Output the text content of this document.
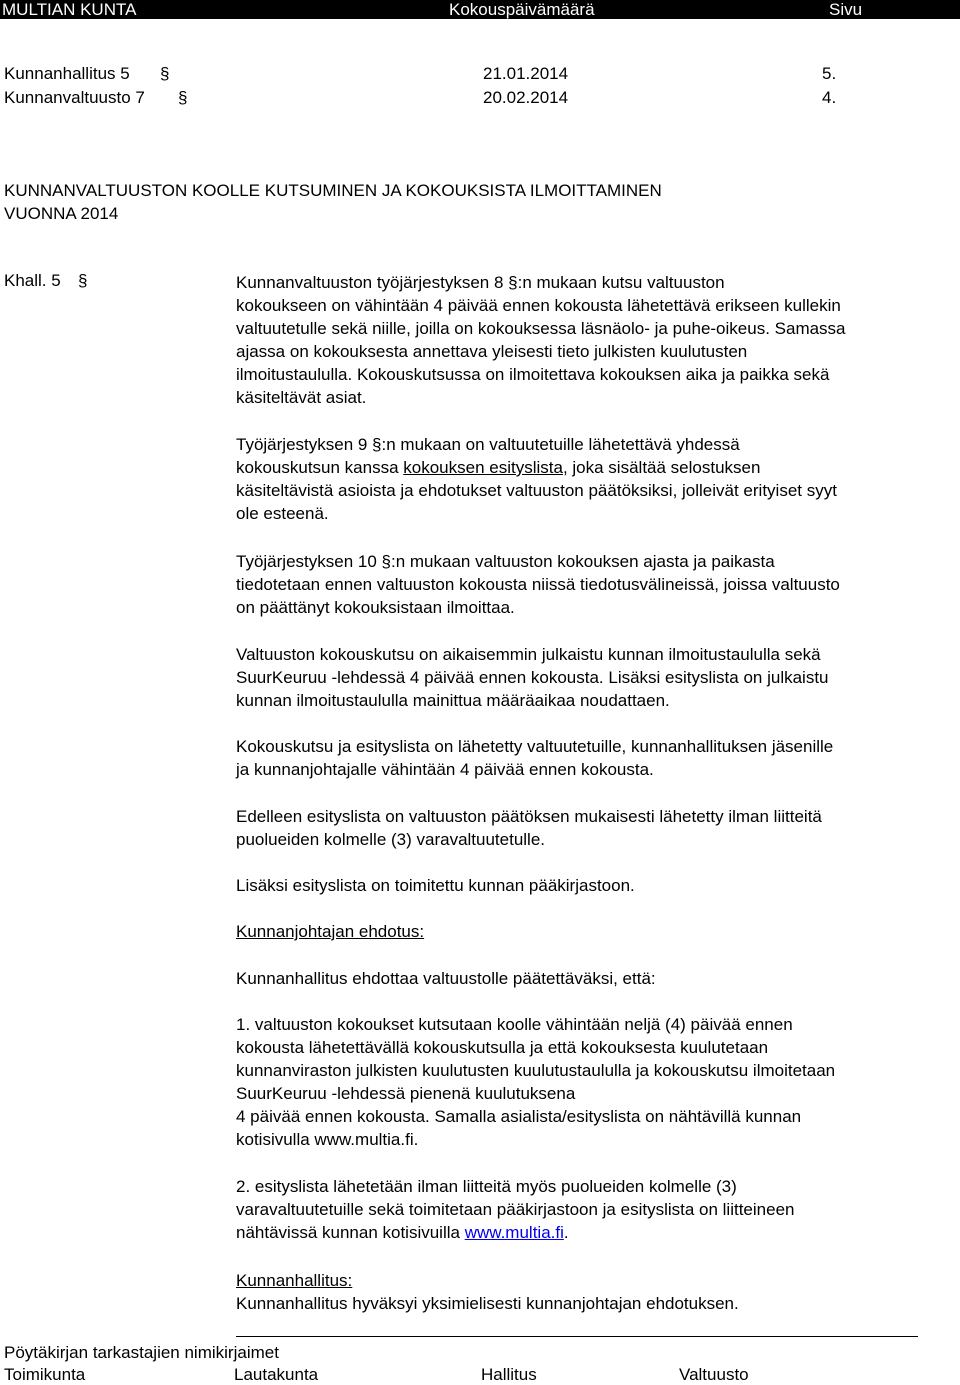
MULTIAN KUNTA	Kokouspäivämäärä	Sivu
Kunnanhallitus 5 §	21.01.2014	5.
Kunnanvaltuusto 7 §	20.02.2014	4.
KUNNANVALTUUSTON KOOLLE KUTSUMINEN JA KOKOUKSISTA ILMOITTAMINEN
VUONNA 2014
Khall. 5 §	Kunnanvaltuuston työjärjestyksen 8 §:n mukaan kutsu valtuuston
kokoukseen on vähintään 4 päivää ennen kokousta lähetettävä erikseen kullekin
valtuutetulle sekä niille, joilla on kokouksessa läsnäolo- ja puhe-oikeus. Samassa
ajassa on kokouksesta annettava yleisesti tieto julkisten kuulutusten
ilmoitustaululla. Kokouskutsussa on ilmoitettava kokouksen aika ja paikka sekä
käsiteltävät asiat.
Työjärjestyksen 9 §:n mukaan on valtuutetuille lähetettävä yhdessä
kokouskutsun kanssa kokouksen esityslista, joka sisältää selostuksen
käsiteltävistä asioista ja ehdotukset valtuuston päätöksiksi, jolleivät erityiset syyt
ole esteenä.
Työjärjestyksen 10 §:n mukaan valtuuston kokouksen ajasta ja paikasta
tiedotetaan ennen valtuuston kokousta niissä tiedotusvälineissä, joissa valtuusto
on päättänyt kokouksistaan ilmoittaa.
Valtuuston kokouskutsu on aikaisemmin julkaistu kunnan ilmoitustaululla sekä
SuurKeuruu -lehdessä 4 päivää ennen kokousta. Lisäksi esityslista on julkaistu
kunnan ilmoitustaululla mainittua määräaikaa noudattaen.
Kokouskutsu ja esityslista on lähetetty valtuutetuille, kunnanhallituksen jäsenille
ja kunnanjohtajalle vähintään 4 päivää ennen kokousta.
Edelleen esityslista on valtuuston päätöksen mukaisesti lähetetty ilman liitteitä
puolueiden kolmelle (3) varavaltuutetulle.
Lisäksi esityslista on toimitettu kunnan pääkirjastoon.
Kunnanjohtajan ehdotus:
Kunnanhallitus ehdottaa valtuustolle päätettäväksi, että:
1. valtuuston kokoukset kutsutaan koolle vähintään neljä (4) päivää ennen
kokousta lähetettävällä kokouskutsulla ja että kokouksesta kuulutetaan
kunnanviraston julkisten kuulutusten kuulutustaululla ja kokouskutsu ilmoitetaan
SuurKeuruu -lehdessä pienenä kuulutuksena
4 päivää ennen kokousta. Samalla asialista/esityslista on nähtävillä kunnan
kotisivulla www.multia.fi.
2. esityslista lähetetään ilman liitteitä myös puolueiden kolmelle (3)
varavaltuutetuille sekä toimitetaan pääkirjastoon ja esityslista on liitteineen
nähtävissä kunnan kotisivuilla www.multia.fi.
Kunnanhallitus:
Kunnanhallitus hyväksyi yksimielisesti kunnanjohtajan ehdotuksen.
Pöytäkirjan tarkastajien nimikirjaimet
Toimikunta	Lautakunta	Hallitus	Valtuusto
